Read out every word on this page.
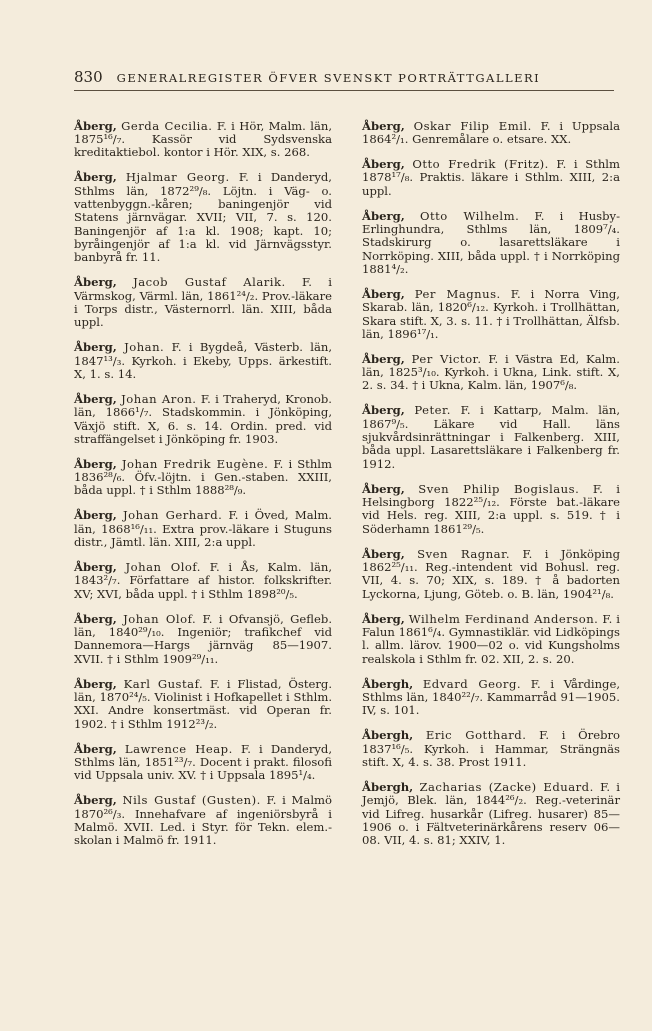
830 GENERALREGISTER ÖFVER SVENSKT PORTRÄTTGALLERI

Åberg, Gerda Cecilia. F. i Hör, Malm. län, 1875¹⁶/₇. Kassör vid Sydsvenska kreditaktiebol. kontor i Hör. XIX, s. 268.

Åberg, Hjalmar Georg. F. i Danderyd, Sthlms län, 1872²⁹/₈. Löjtn. i Väg- o. vattenbyggn.-kåren; baningenjör vid Statens järnvägar. XVII; VII, 7. s. 120. Baningenjör af 1:a kl. 1908; kapt. 10; byråingenjör af 1:a kl. vid Järnvägsstyr. banbyrå fr. 11.

Åberg, Jacob Gustaf Alarik. F. i Värmskog, Värml. län, 1861²⁴/₂. Prov.-läkare i Torps distr., Västernorrl. län. XIII, båda uppl.

Åberg, Johan. F. i Bygdeå, Västerb. län, 1847¹³/₃. Kyrkoh. i Ekeby, Upps. ärkestift. X, 1. s. 14.

Åberg, Johan Aron. F. i Traheryd, Kronob. län, 1866¹/₇. Stadskommin. i Jönköping, Växjö stift. X, 6. s. 14. Ordin. pred. vid straffängelset i Jönköping fr. 1903.

Åberg, Johan Fredrik Eugène. F. i Sthlm 1836²⁸/₆. Öfv.-löjtn. i Gen.-staben. XXIII, båda uppl. † i Sthlm 1888²⁸/₉.

Åberg, Johan Gerhard. F. i Öved, Malm. län, 1868¹⁶/₁₁. Extra prov.-läkare i Stuguns distr., Jämtl. län. XIII, 2:a uppl.

Åberg, Johan Olof. F. i Ås, Kalm. län, 1843²/₇. Författare af histor. folkskrifter. XV; XVI, båda uppl. † i Sthlm 1898²⁰/₅.

Åberg, Johan Olof. F. i Ofvansjö, Gefleb. län, 1840²⁹/₁₀. Ingeniör; trafikchef vid Dannemora—Hargs järnväg 85—1907. XVII. † i Sthlm 1909²⁹/₁₁.

Åberg, Karl Gustaf. F. i Flistad, Österg. län, 1870²⁴/₅. Violinist i Hofkapellet i Sthlm. XXI. Andre konsertmäst. vid Operan fr. 1902. † i Sthlm 1912²³/₂.

Åberg, Lawrence Heap. F. i Danderyd, Sthlms län, 1851²³/₇. Docent i prakt. filosofi vid Uppsala univ. XV. † i Uppsala 1895¹/₄.

Åberg, Nils Gustaf (Gusten). F. i Malmö 1870²⁶/₃. Innehafvare af ingeniörsbyrå i Malmö. XVII. Led. i Styr. för Tekn. elem.-skolan i Malmö fr. 1911.

Åberg, Oskar Filip Emil. F. i Uppsala 1864²/₁. Genremålare o. etsare. XX.

Åberg, Otto Fredrik (Fritz). F. i Sthlm 1878¹⁷/₈. Praktis. läkare i Sthlm. XIII, 2:a uppl.

Åberg, Otto Wilhelm. F. i Husby-Erlinghundra, Sthlms län, 1809⁷/₄. Stadskirurg o. lasarettsläkare i Norrköping. XIII, båda uppl. † i Norrköping 1881⁴/₂.

Åberg, Per Magnus. F. i Norra Ving, Skarab. län, 1820⁶/₁₂. Kyrkoh. i Trollhättan, Skara stift. X, 3. s. 11. † i Trollhättan, Älfsb. län, 1896¹⁷/₁.

Åberg, Per Victor. F. i Västra Ed, Kalm. län, 1825³/₁₀. Kyrkoh. i Ukna, Link. stift. X, 2. s. 34. † i Ukna, Kalm. län, 1907⁶/₈.

Åberg, Peter. F. i Kattarp, Malm. län, 1867⁹/₅. Läkare vid Hall. läns sjukvårdsinrättningar i Falkenberg. XIII, båda uppl. Lasarettsläkare i Falkenberg fr. 1912.

Åberg, Sven Philip Bogislaus. F. i Helsingborg 1822²⁵/₁₂. Förste bat.-läkare vid Hels. reg. XIII, 2:a uppl. s. 519. † i Söderhamn 1861²⁹/₅.

Åberg, Sven Ragnar. F. i Jönköping 1862²⁵/₁₁. Reg.-intendent vid Bohusl. reg. VII, 4. s. 70; XIX, s. 189. † å badorten Lyckorna, Ljung, Göteb. o. B. län, 1904²¹/₈.

Åberg, Wilhelm Ferdinand Anderson. F. i Falun 1861⁶/₄. Gymnastiklär. vid Lidköpings l. allm. lärov. 1900—02 o. vid Kungsholms realskola i Sthlm fr. 02. XII, 2. s. 20.

Åbergh, Edvard Georg. F. i Vårdinge, Sthlms län, 1840²²/₇. Kammarråd 91—1905. IV, s. 101.

Åbergh, Eric Gotthard. F. i Örebro 1837¹⁶/₅. Kyrkoh. i Hammar, Strängnäs stift. X, 4. s. 38. Prost 1911.

Åbergh, Zacharias (Zacke) Eduard. F. i Jemjö, Blek. län, 1844²⁶/₂. Reg.-veterinär vid Lifreg. husarkår (Lifreg. husarer) 85—1906 o. i Fältveterinärkårens reserv 06—08. VII, 4. s. 81; XXIV, 1.
